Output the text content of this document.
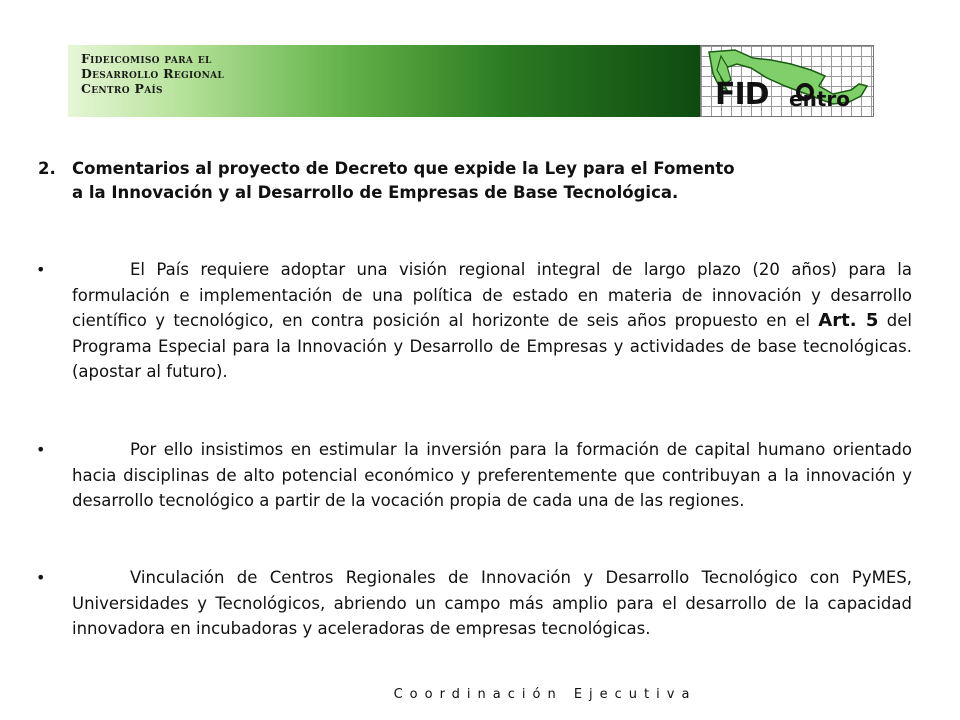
Fideicomiso para el
Desarrollo Regional
Centro País	FID entro
2. Comentarios al proyecto de Decreto que expide la Ley para el Fomento
a la Innovación y al Desarrollo de Empresas de Base Tecnológica.
•	El País requiere adoptar una visión regional integral de largo plazo (20 años) para la formulación e implementación de una política de estado en materia de innovación y desarrollo científico y tecnológico, en contra posición al horizonte de seis años propuesto en el Art. 5 del Programa Especial para la Innovación y Desarrollo de Empresas y actividades de base tecnológicas. (apostar al futuro).
•	Por ello insistimos en estimular la inversión para la formación de capital humano orientado hacia disciplinas de alto potencial económico y preferentemente que contribuyan a la innovación y desarrollo tecnológico a partir de la vocación propia de cada una de las regiones.
•	Vinculación de Centros Regionales de Innovación y Desarrollo Tecnológico con PyMES, Universidades y Tecnológicos, abriendo un campo más amplio para el desarrollo de la capacidad innovadora en incubadoras y aceleradoras de empresas tecnológicas.
Coordinación Ejecutiva
